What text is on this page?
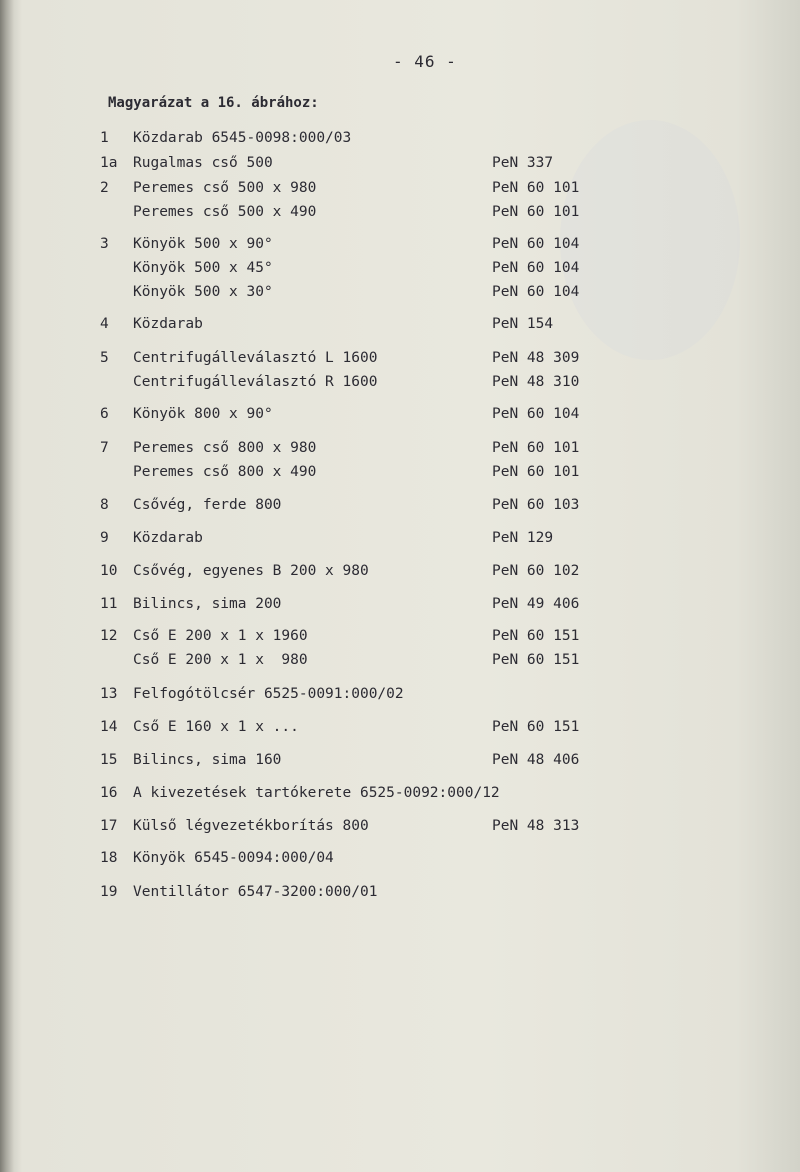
- 46 -
Magyarázat a 16. ábrához:
1	Közdarab 6545-0098:000/03
1a	Rugalmas cső 500	PeN 337
2	Peremes cső 500 x 980	PeN 60 101
Peremes cső 500 x 490	PeN 60 101
3	Könyök 500 x 90°	PeN 60 104
Könyök 500 x 45°	PeN 60 104
Könyök 500 x 30°	PeN 60 104
4	Közdarab	PeN 154
5	Centrifugálleválasztó L 1600	PeN 48 309
Centrifugálleválasztó R 1600	PeN 48 310
6	Könyök 800 x 90°	PeN 60 104
7	Peremes cső 800 x 980	PeN 60 101
Peremes cső 800 x 490	PeN 60 101
8	Csővég, ferde 800	PeN 60 103
9	Közdarab	PeN 129
10	Csővég, egyenes B 200 x 980	PeN 60 102
11	Bilincs, sima 200	PeN 49 406
12	Cső E 200 x 1 x 1960	PeN 60 151
Cső E 200 x 1 x  980	PeN 60 151
13	Felfogótölcsér 6525-0091:000/02
14	Cső E 160 x 1 x ...	PeN 60 151
15	Bilincs, sima 160	PeN 48 406
16	A kivezetések tartókerete 6525-0092:000/12
17	Külső légvezetékborítás 800	PeN 48 313
18	Könyök 6545-0094:000/04
19	Ventillátor 6547-3200:000/01
